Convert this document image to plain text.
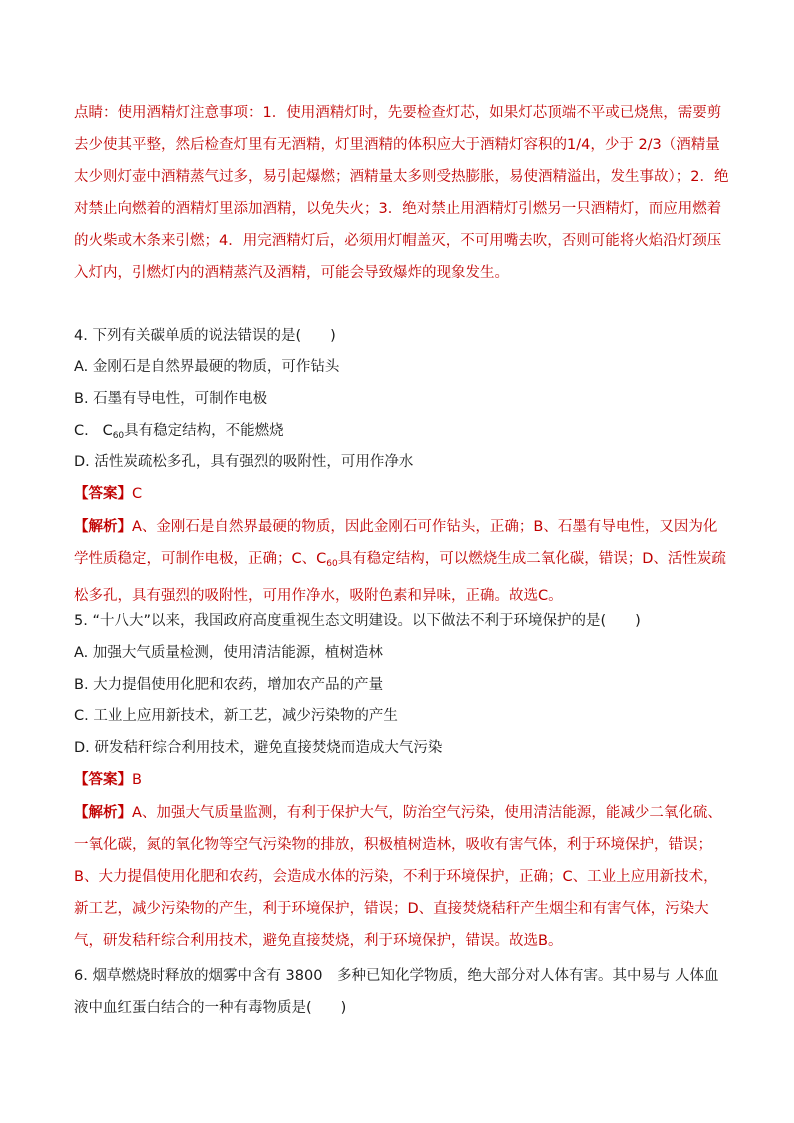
点睛：使用酒精灯注意事项：1．使用酒精灯时，先要检查灯芯，如果灯芯顶端不平或已烧焦，需要剪去少使其平整，然后检查灯里有无酒精，灯里酒精的体积应大于酒精灯容积的1/4，少于 2/3（酒精量太少则灯壶中酒精蒸气过多，易引起爆燃；酒精量太多则受热膨胀，易使酒精溢出，发生事故）；2．绝对禁止向燃着的酒精灯里添加酒精，以免失火；3．绝对禁止用酒精灯引燃另一只酒精灯，而应用燃着的火柴或木条来引燃；4．用完酒精灯后，必须用灯帽盖灭，不可用嘴去吹，否则可能将火焰沿灯颈压入灯内，引燃灯内的酒精蒸汽及酒精，可能会导致爆炸的现象发生。
4. 下列有关碳单质的说法错误的是(　　)
A. 金刚石是自然界最硬的物质，可作钻头
B. 石墨有导电性，可制作电极
C. $C_{60}$具有稳定结构，不能燃烧
D. 活性炭疏松多孔，具有强烈的吸附性，可用作净水
【答案】C
【解析】A、金刚石是自然界最硬的物质，因此金刚石可作钻头，正确；B、石墨有导电性，又因为化学性质稳定，可制作电极，正确；C、$C_{60}$具有稳定结构，可以燃烧生成二氧化碳，错误；D、活性炭疏松多孔，具有强烈的吸附性，可用作净水，吸附色素和异味，正确。故选C。
5. “十八大”以来，我国政府高度重视生态文明建设。以下做法不利于环境保护的是(　　)
A. 加强大气质量检测，使用清洁能源，植树造林
B. 大力提倡使用化肥和农药，增加农产品的产量
C. 工业上应用新技术，新工艺，减少污染物的产生
D. 研发秸秆综合利用技术，避免直接焚烧而造成大气污染
【答案】B
【解析】A、加强大气质量监测，有利于保护大气，防治空气污染，使用清洁能源，能减少二氧化硫、一氧化碳，氮的氧化物等空气污染物的排放，积极植树造林，吸收有害气体，利于环境保护，错误；B、大力提倡使用化肥和农药，会造成水体的污染，不利于环境保护，正确；C、工业上应用新技术，新工艺，减少污染物的产生，利于环境保护，错误；D、直接焚烧秸秆产生烟尘和有害气体，污染大气，研发秸秆综合利用技术，避免直接焚烧，利于环境保护，错误。故选B。
6. 烟草燃烧时释放的烟雾中含有 3800　多种已知化学物质，绝大部分对人体有害。其中易与 人体血液中血红蛋白结合的一种有毒物质是(　　)
